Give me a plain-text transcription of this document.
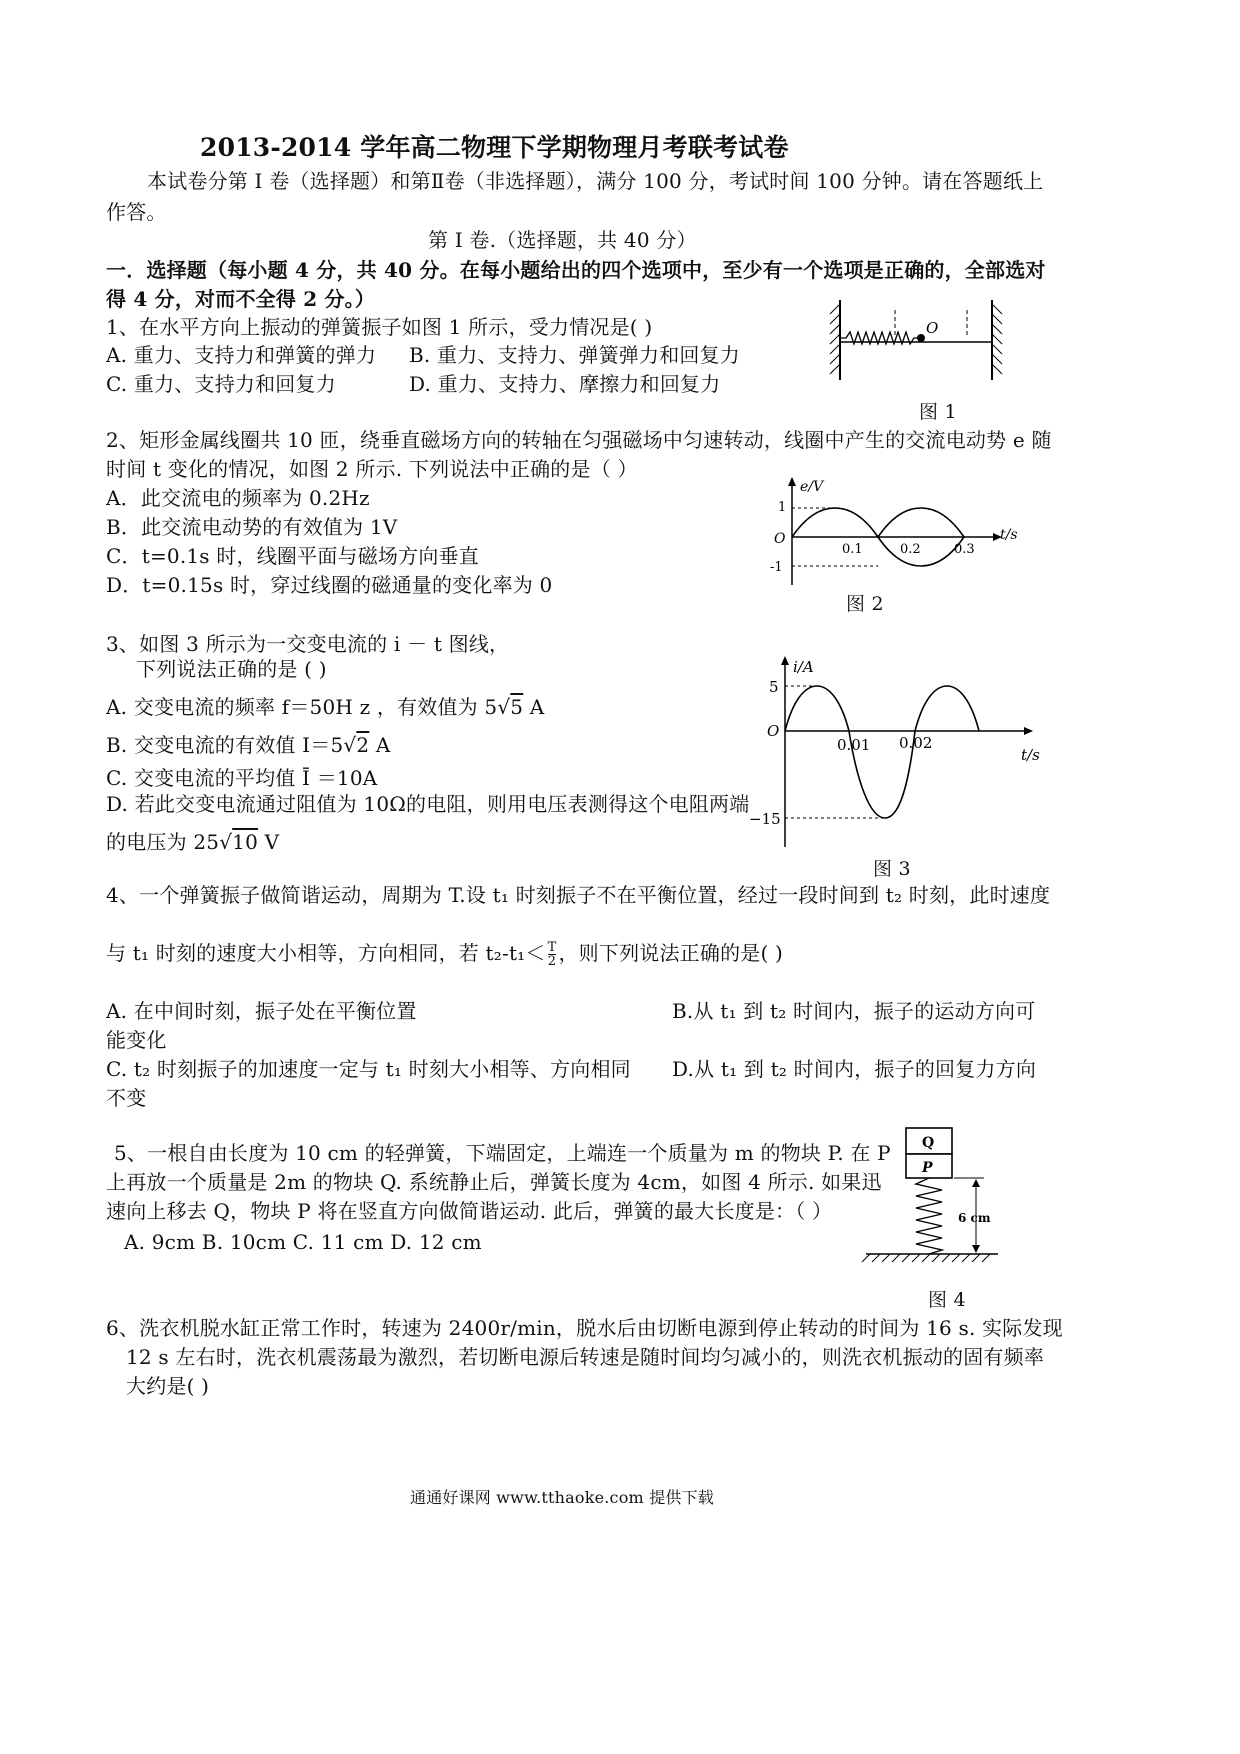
2013-2014 学年高二物理下学期物理月考联考试卷
本试卷分第 I 卷（选择题）和第Ⅱ卷（非选择题），满分 100 分，考试时间 100 分钟。请在答题纸上
作答。
第 I 卷.（选择题，共 40 分）
一．选择题（每小题 4 分，共 40 分。在每小题给出的四个选项中，至少有一个选项是正确的，全部选对
得 4 分，对而不全得 2 分。）
1、在水平方向上振动的弹簧振子如图 1 所示，受力情况是( )
A. 重力、支持力和弹簧的弹力 B. 重力、支持力、弹簧弹力和回复力
C. 重力、支持力和回复力	D. 重力、支持力、摩擦力和回复力
O
图 1
2、矩形金属线圈共 10 匝，绕垂直磁场方向的转轴在匀强磁场中匀速转动，线圈中产生的交流电动势 e 随
时间 t 变化的情况，如图 2 所示. 下列说法中正确的是（ ）
A．此交流电的频率为 0.2Hz
B．此交流电动势的有效值为 1V
C．t=0.1s 时，线圈平面与磁场方向垂直
D．t=0.15s 时，穿过线圈的磁通量的变化率为 0
e/V
t/s
O
1
-1
0.1	0.2	0.3
图 2
3、如图 3 所示为一交变电流的 i － t 图线，
下列说法正确的是 ( )
A. 交变电流的频率 f＝50H z ，有效值为 5√5 A
B. 交变电流的有效值 I＝5√2 A
C. 交变电流的平均值 Ī ＝10A
D. 若此交变电流通过阻值为 10Ω的电阻，则用电压表测得这个电阻两端
的电压为 25√10 V
i/A
t/s
O
5
−15
0.01 0.02
图 3
4、一个弹簧振子做简谐运动，周期为 T.设 t₁ 时刻振子不在平衡位置，经过一段时间到 t₂ 时刻，此时速度
与 t₁ 时刻的速度大小相等，方向相同，若 $t_2-t_1< \frac{T}{2}$ ，则下列说法正确的是( )
A. 在中间时刻，振子处在平衡位置	B.从 t₁ 到 t₂ 时间内，振子的运动方向可
能变化
C. t₂ 时刻振子的加速度一定与 t₁ 时刻大小相等、方向相同 D.从 t₁ 到 t₂ 时间内，振子的回复力方向
不变
5、一根自由长度为 10 cm 的轻弹簧，下端固定，上端连一个质量为 m 的物块 P. 在 P
上再放一个质量是 2m 的物块 Q. 系统静止后，弹簧长度为 4cm，如图 4 所示. 如果迅
速向上移去 Q，物块 P 将在竖直方向做简谐运动. 此后，弹簧的最大长度是：（ ）
A. 9cm B. 10cm C. 11 cm D. 12 cm
Q
P
6 cm
图 4
6、洗衣机脱水缸正常工作时，转速为 2400r/min，脱水后由切断电源到停止转动的时间为 16 s. 实际发现
12 s 左右时，洗衣机震荡最为激烈，若切断电源后转速是随时间均匀减小的，则洗衣机振动的固有频率
大约是( )
通通好课网 www.tthaoke.com 提供下载
